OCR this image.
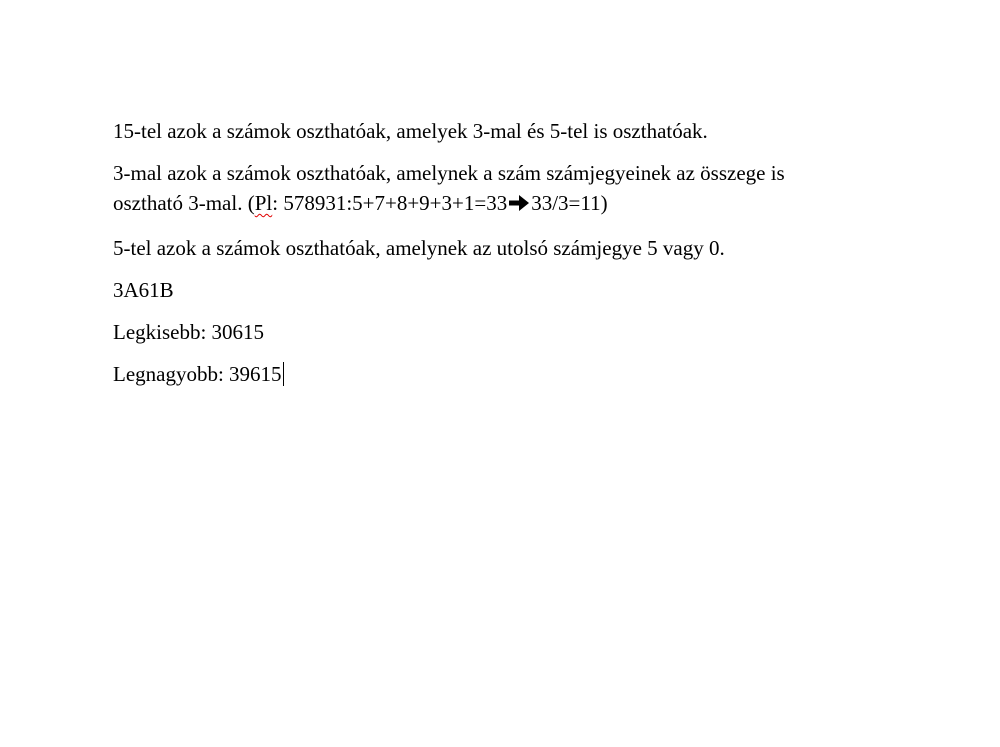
15-tel azok a számok oszthatóak, amelyek 3-mal és 5-tel is oszthatóak.

3-mal azok a számok oszthatóak, amelynek a szám számjegyeinek az összege is
osztható 3-mal. (Pl: 578931:5+7+8+9+3+1=33 33/3=11)

5-tel azok a számok oszthatóak, amelynek az utolsó számjegye 5 vagy 0.

3A61B

Legkisebb: 30615

Legnagyobb: 39615
